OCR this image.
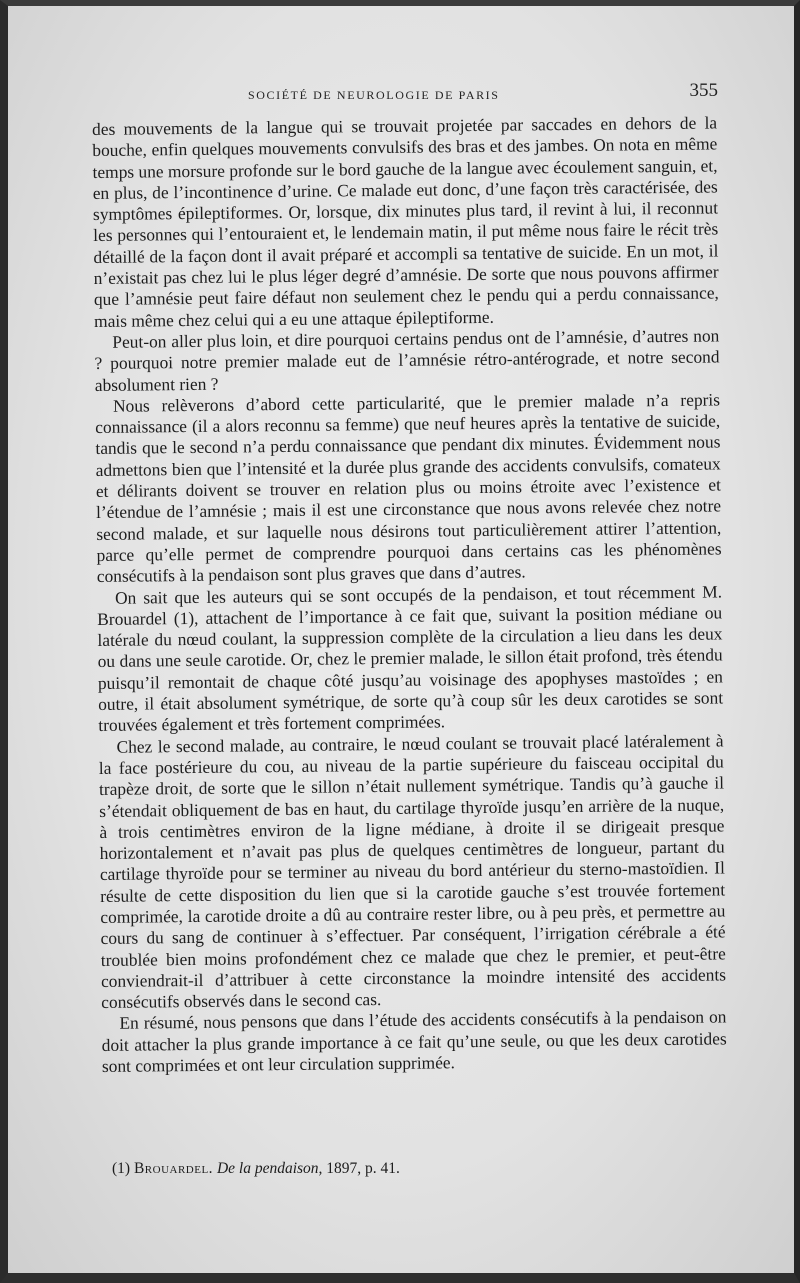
SOCIÉTÉ DE NEUROLOGIE DE PARIS	355

des mouvements de la langue qui se trouvait projetée par saccades en dehors de la bouche, enfin quelques mouvements convulsifs des bras et des jambes. On nota en même temps une morsure profonde sur le bord gauche de la langue avec écoulement sanguin, et, en plus, de l’incontinence d’urine. Ce malade eut donc, d’une façon très caractérisée, des symptômes épileptiformes. Or, lorsque, dix minutes plus tard, il revint à lui, il reconnut les personnes qui l’entouraient et, le lendemain matin, il put même nous faire le récit très détaillé de la façon dont il avait préparé et accompli sa tentative de suicide. En un mot, il n’existait pas chez lui le plus léger degré d’amnésie. De sorte que nous pouvons affirmer que l’amnésie peut faire défaut non seulement chez le pendu qui a perdu connaissance, mais même chez celui qui a eu une attaque épileptiforme.

Peut-on aller plus loin, et dire pourquoi certains pendus ont de l’amnésie, d’autres non ? pourquoi notre premier malade eut de l’amnésie rétro-antérograde, et notre second absolument rien ?

Nous relèverons d’abord cette particularité, que le premier malade n’a repris connaissance (il a alors reconnu sa femme) que neuf heures après la tentative de suicide, tandis que le second n’a perdu connaissance que pendant dix minutes. Évidemment nous admettons bien que l’intensité et la durée plus grande des accidents convulsifs, comateux et délirants doivent se trouver en relation plus ou moins étroite avec l’existence et l’étendue de l’amnésie ; mais il est une circonstance que nous avons relevée chez notre second malade, et sur laquelle nous désirons tout particulièrement attirer l’attention, parce qu’elle permet de comprendre pourquoi dans certains cas les phénomènes consécutifs à la pendaison sont plus graves que dans d’autres.

On sait que les auteurs qui se sont occupés de la pendaison, et tout récemment M. Brouardel (1), attachent de l’importance à ce fait que, suivant la position médiane ou latérale du nœud coulant, la suppression complète de la circulation a lieu dans les deux ou dans une seule carotide. Or, chez le premier malade, le sillon était profond, très étendu puisqu’il remontait de chaque côté jusqu’au voisinage des apophyses mastoïdes ; en outre, il était absolument symétrique, de sorte qu’à coup sûr les deux carotides se sont trouvées également et très fortement comprimées.

Chez le second malade, au contraire, le nœud coulant se trouvait placé latéralement à la face postérieure du cou, au niveau de la partie supérieure du faisceau occipital du trapèze droit, de sorte que le sillon n’était nullement symétrique. Tandis qu’à gauche il s’étendait obliquement de bas en haut, du cartilage thyroïde jusqu’en arrière de la nuque, à trois centimètres environ de la ligne médiane, à droite il se dirigeait presque horizontalement et n’avait pas plus de quelques centimètres de longueur, partant du cartilage thyroïde pour se terminer au niveau du bord antérieur du sterno-mastoïdien. Il résulte de cette disposition du lien que si la carotide gauche s’est trouvée fortement comprimée, la carotide droite a dû au contraire rester libre, ou à peu près, et permettre au cours du sang de continuer à s’effectuer. Par conséquent, l’irrigation cérébrale a été troublée bien moins profondément chez ce malade que chez le premier, et peut-être conviendrait-il d’attribuer à cette circonstance la moindre intensité des accidents consécutifs observés dans le second cas.

En résumé, nous pensons que dans l’étude des accidents consécutifs à la pendaison on doit attacher la plus grande importance à ce fait qu’une seule, ou que les deux carotides sont comprimées et ont leur circulation supprimée.

(1) Brouardel. De la pendaison, 1897, p. 41.
